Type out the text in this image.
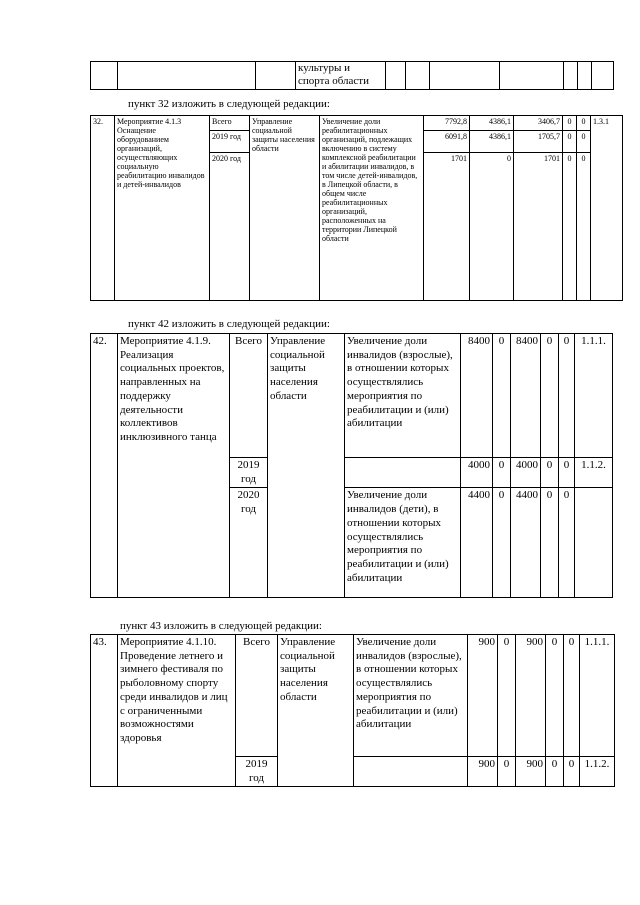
			культуры и спорта области							

пункт 32 изложить в следующей редакции:

32.	Мероприятие 4.1.3 Оснащение оборудованием организаций, осуществляющих социальную реабилитацию инвалидов и детей-инвалидов	Всего	Управление социальной защиты населения области	Увеличение доли реабилитационных организаций, подлежащих включению в систему комплексной реабилитации и абилитации инвалидов, в том числе детей-инвалидов, в Липецкой области, в общем числе реабилитационных организаций, расположенных на территории Липецкой области	7792,8	4386,1	3406,7	0	0	1.3.1
		2019 год			6091,8	4386,1	1705,7	0	0	
		2020 год			1701	0	1701	0	0	

пункт 42 изложить в следующей редакции:

42.	Мероприятие 4.1.9. Реализация социальных проектов, направленных на поддержку деятельности коллективов инклюзивного танца	Всего	Управление социальной защиты населения области	Увеличение доли инвалидов (взрослые), в отношении которых осуществлялись мероприятия по реабилитации и (или) абилитации	8400	0	8400	0	0	1.1.1.
		2019 год			4000	0	4000	0	0	1.1.2.
		2020 год		Увеличение доли инвалидов (дети), в отношении которых осуществлялись мероприятия по реабилитации и (или) абилитации	4400	0	4400	0	0	

пункт 43 изложить в следующей редакции:

43.	Мероприятие 4.1.10. Проведение летнего и зимнего фестиваля по рыболовному спорту среди инвалидов и лиц с ограниченными возможностями здоровья	Всего	Управление социальной защиты населения области	Увеличение доли инвалидов (взрослые), в отношении которых осуществлялись мероприятия по реабилитации и (или) абилитации	900	0	900	0	0	1.1.1.
		2019 год			900	0	900	0	0	1.1.2.
